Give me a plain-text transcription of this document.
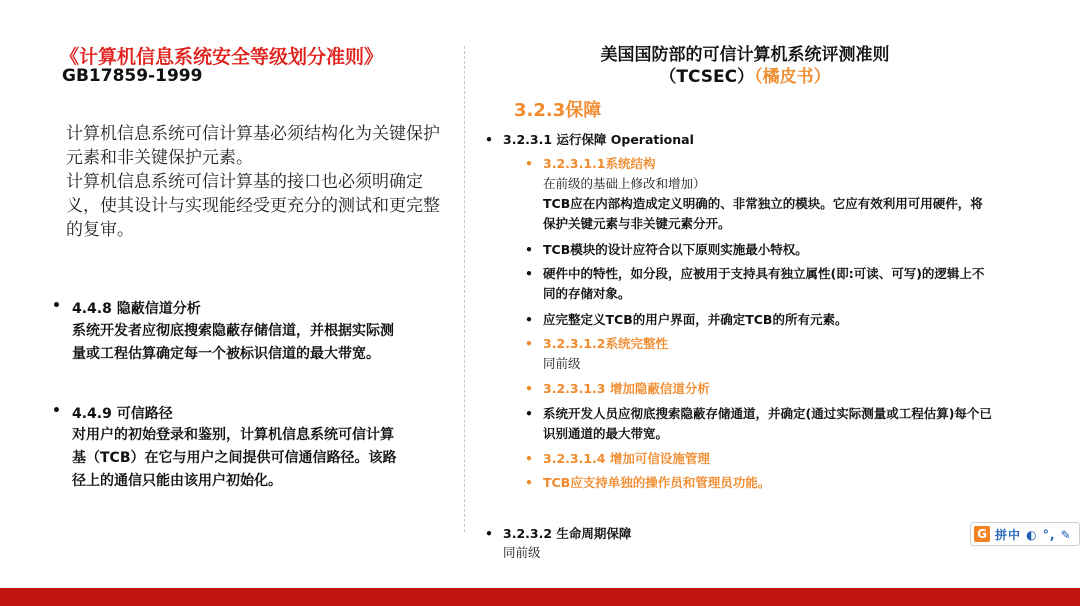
《计算机信息系统安全等级划分准则》
GB17859-1999
计算机信息系统可信计算基必须结构化为关键保护元素和非关键保护元素。
计算机信息系统可信计算基的接口也必须明确定义，使其设计与实现能经受更充分的测试和更完整的复审。
• 4.4.8 隐蔽信道分析
系统开发者应彻底搜索隐蔽存储信道，并根据实际测
量或工程估算确定每一个被标识信道的最大带宽。
• 4.4.9 可信路径
对用户的初始登录和鉴别，计算机信息系统可信计算
基（TCB）在它与用户之间提供可信通信路径。该路
径上的通信只能由该用户初始化。
美国国防部的可信计算机系统评测准则
（TCSEC）（橘皮书）
3.2.3保障
• 3.2.3.1 运行保障 Operational
• 3.2.3.1.1系统结构
在前级的基础上修改和增加）
TCB应在内部构造成定义明确的、非常独立的模块。它应有效利用可用硬件，将
保护关键元素与非关键元素分开。
• TCB模块的设计应符合以下原则实施最小特权。
• 硬件中的特性，如分段，应被用于支持具有独立属性(即:可读、可写)的逻辑上不
同的存储对象。
• 应完整定义TCB的用户界面，并确定TCB的所有元素。
• 3.2.3.1.2系统完整性
同前级
• 3.2.3.1.3 增加隐蔽信道分析
• 系统开发人员应彻底搜索隐蔽存储通道，并确定(通过实际测量或工程估算)每个已
识别通道的最大带宽。
• 3.2.3.1.4 增加可信设施管理
• TCB应支持单独的操作员和管理员功能。
• 3.2.3.2 生命周期保障
同前级
G 拼中 ◐ °, ✎
